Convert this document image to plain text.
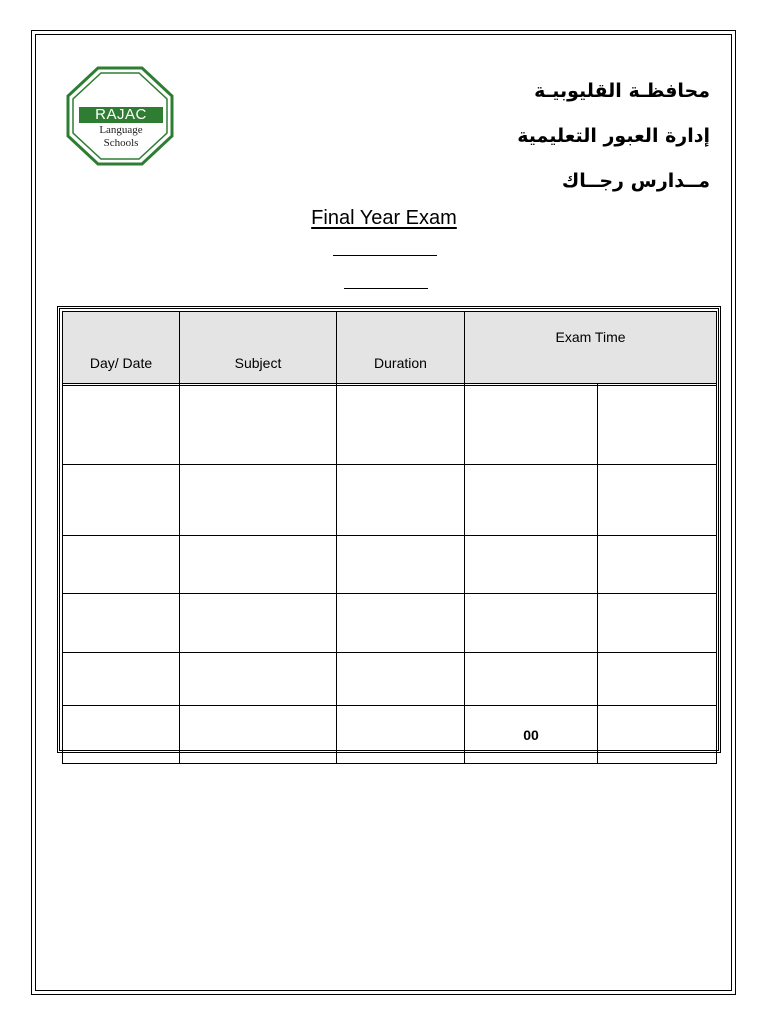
RAJAC
Language
Schools
محافظـة القليوبيـة
إدارة العبور التعليمية
مــدارس رجــاك
Final Year Exam
Day/ Date	Subject	Duration	Exam Time	

			00	
